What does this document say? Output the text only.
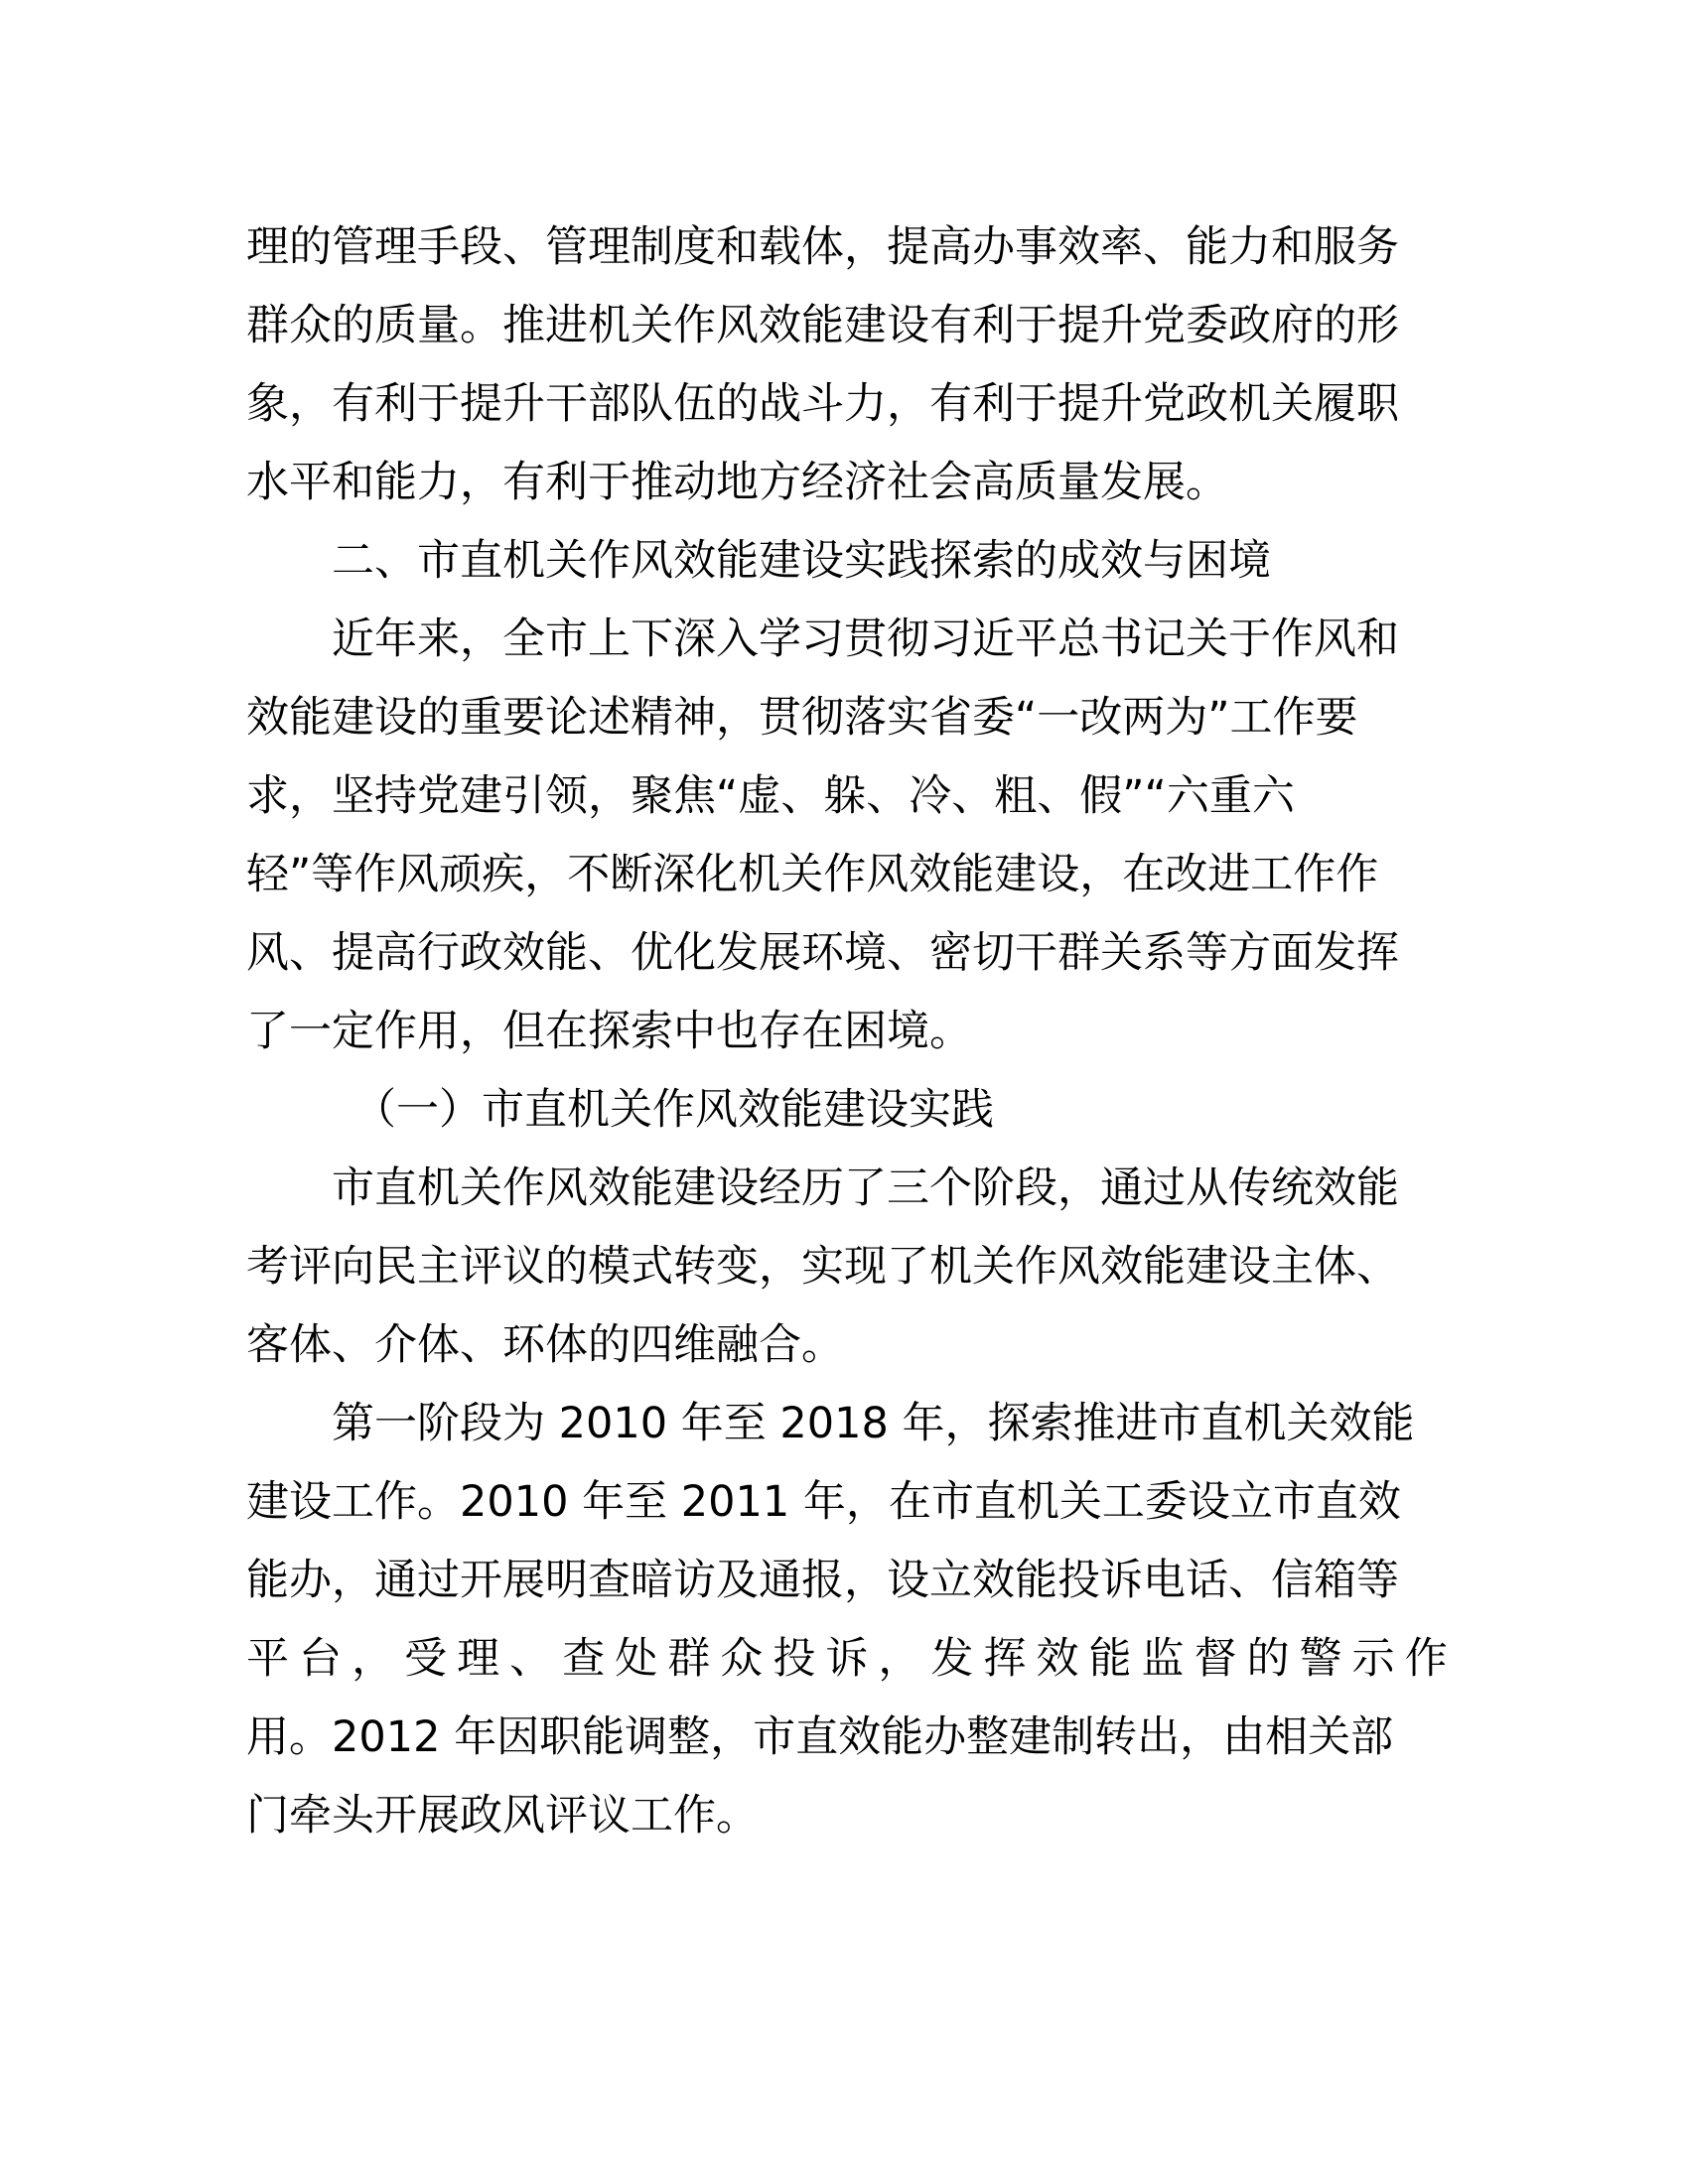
理的管理手段、管理制度和载体，提高办事效率、能力和服务
群众的质量。推进机关作风效能建设有利于提升党委政府的形
象，有利于提升干部队伍的战斗力，有利于提升党政机关履职
水平和能力，有利于推动地方经济社会高质量发展。
二、市直机关作风效能建设实践探索的成效与困境
近年来，全市上下深入学习贯彻习近平总书记关于作风和
效能建设的重要论述精神，贯彻落实省委“一改两为”工作要
求，坚持党建引领，聚焦“虚、躲、冷、粗、假”“六重六
轻”等作风顽疾，不断深化机关作风效能建设，在改进工作作
风、提高行政效能、优化发展环境、密切干群关系等方面发挥
了一定作用，但在探索中也存在困境。
（一）市直机关作风效能建设实践
市直机关作风效能建设经历了三个阶段，通过从传统效能
考评向民主评议的模式转变，实现了机关作风效能建设主体、
客体、介体、环体的四维融合。
第一阶段为 2010 年至 2018 年，探索推进市直机关效能
建设工作。2010 年至 2011 年，在市直机关工委设立市直效
能办，通过开展明查暗访及通报，设立效能投诉电话、信箱等
平 台 ， 受 理 、 查 处 群 众 投 诉 ， 发 挥 效 能 监 督 的 警 示 作
用。2012 年因职能调整，市直效能办整建制转出，由相关部
门牵头开展政风评议工作。
